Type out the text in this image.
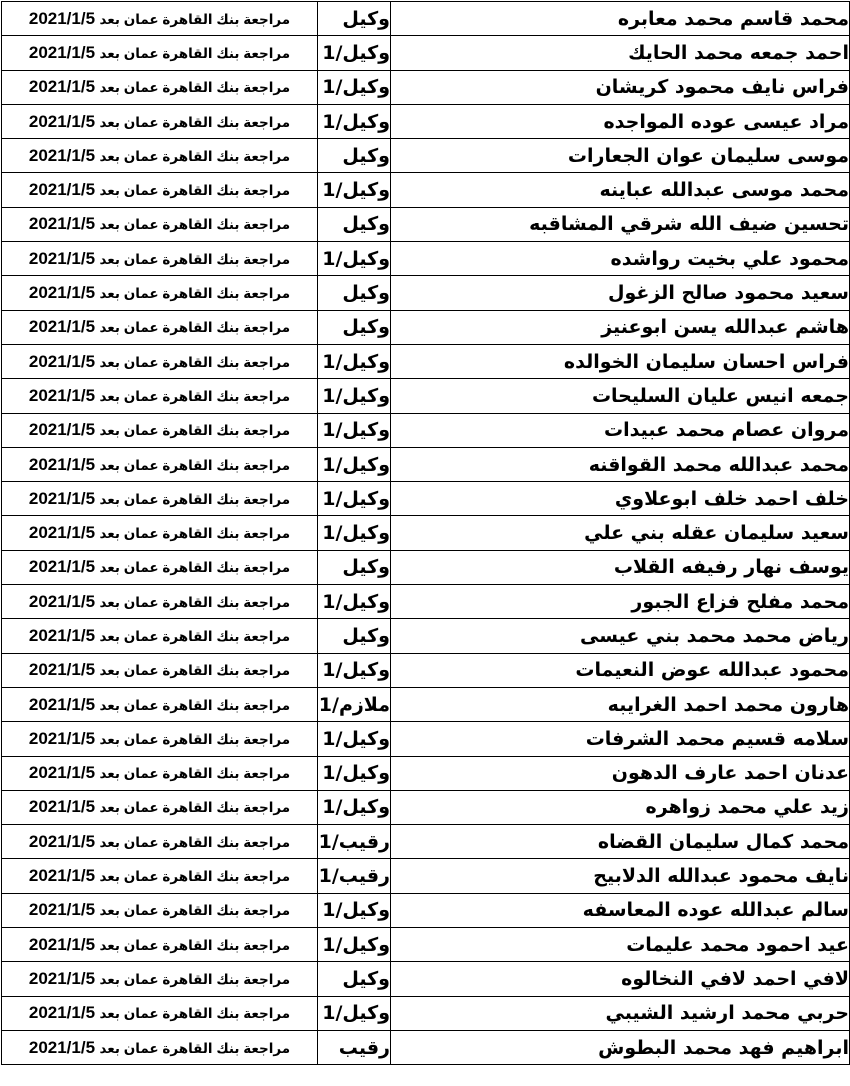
محمد قاسم محمد معابره	وكيل	مراجعة بنك القاهرة عمان بعد 2021/1/5
احمد جمعه محمد الحايك	وكيل/1	مراجعة بنك القاهرة عمان بعد 2021/1/5
فراس نايف محمود كريشان	وكيل/1	مراجعة بنك القاهرة عمان بعد 2021/1/5
مراد عيسى عوده المواجده	وكيل/1	مراجعة بنك القاهرة عمان بعد 2021/1/5
موسى سليمان عوان الجعارات	وكيل	مراجعة بنك القاهرة عمان بعد 2021/1/5
محمد موسى عبدالله عباينه	وكيل/1	مراجعة بنك القاهرة عمان بعد 2021/1/5
تحسين ضيف الله شرقي المشاقبه	وكيل	مراجعة بنك القاهرة عمان بعد 2021/1/5
محمود علي بخيت رواشده	وكيل/1	مراجعة بنك القاهرة عمان بعد 2021/1/5
سعيد محمود صالح الزغول	وكيل	مراجعة بنك القاهرة عمان بعد 2021/1/5
هاشم عبدالله يسن ابوعنيز	وكيل	مراجعة بنك القاهرة عمان بعد 2021/1/5
فراس احسان سليمان الخوالده	وكيل/1	مراجعة بنك القاهرة عمان بعد 2021/1/5
جمعه انيس عليان السليحات	وكيل/1	مراجعة بنك القاهرة عمان بعد 2021/1/5
مروان عصام محمد عبيدات	وكيل/1	مراجعة بنك القاهرة عمان بعد 2021/1/5
محمد عبدالله محمد القواقنه	وكيل/1	مراجعة بنك القاهرة عمان بعد 2021/1/5
خلف احمد خلف ابوعلاوي	وكيل/1	مراجعة بنك القاهرة عمان بعد 2021/1/5
سعيد سليمان عقله بني علي	وكيل/1	مراجعة بنك القاهرة عمان بعد 2021/1/5
يوسف نهار رفيفه القلاب	وكيل	مراجعة بنك القاهرة عمان بعد 2021/1/5
محمد مفلح فزاع الجبور	وكيل/1	مراجعة بنك القاهرة عمان بعد 2021/1/5
رياض محمد محمد بني عيسى	وكيل	مراجعة بنك القاهرة عمان بعد 2021/1/5
محمود عبدالله عوض النعيمات	وكيل/1	مراجعة بنك القاهرة عمان بعد 2021/1/5
هارون محمد احمد الغرايبه	ملازم/1	مراجعة بنك القاهرة عمان بعد 2021/1/5
سلامه قسيم محمد الشرفات	وكيل/1	مراجعة بنك القاهرة عمان بعد 2021/1/5
عدنان احمد عارف الدهون	وكيل/1	مراجعة بنك القاهرة عمان بعد 2021/1/5
زيد علي محمد زواهره	وكيل/1	مراجعة بنك القاهرة عمان بعد 2021/1/5
محمد كمال سليمان القضاه	رقيب/1	مراجعة بنك القاهرة عمان بعد 2021/1/5
نايف محمود عبدالله الدلابيح	رقيب/1	مراجعة بنك القاهرة عمان بعد 2021/1/5
سالم عبدالله عوده المعاسفه	وكيل/1	مراجعة بنك القاهرة عمان بعد 2021/1/5
عيد احمود محمد عليمات	وكيل/1	مراجعة بنك القاهرة عمان بعد 2021/1/5
لافي احمد لافي النخالوه	وكيل	مراجعة بنك القاهرة عمان بعد 2021/1/5
حربي محمد ارشيد الشيبي	وكيل/1	مراجعة بنك القاهرة عمان بعد 2021/1/5
ابراهيم فهد محمد البطوش	رقيب	مراجعة بنك القاهرة عمان بعد 2021/1/5
